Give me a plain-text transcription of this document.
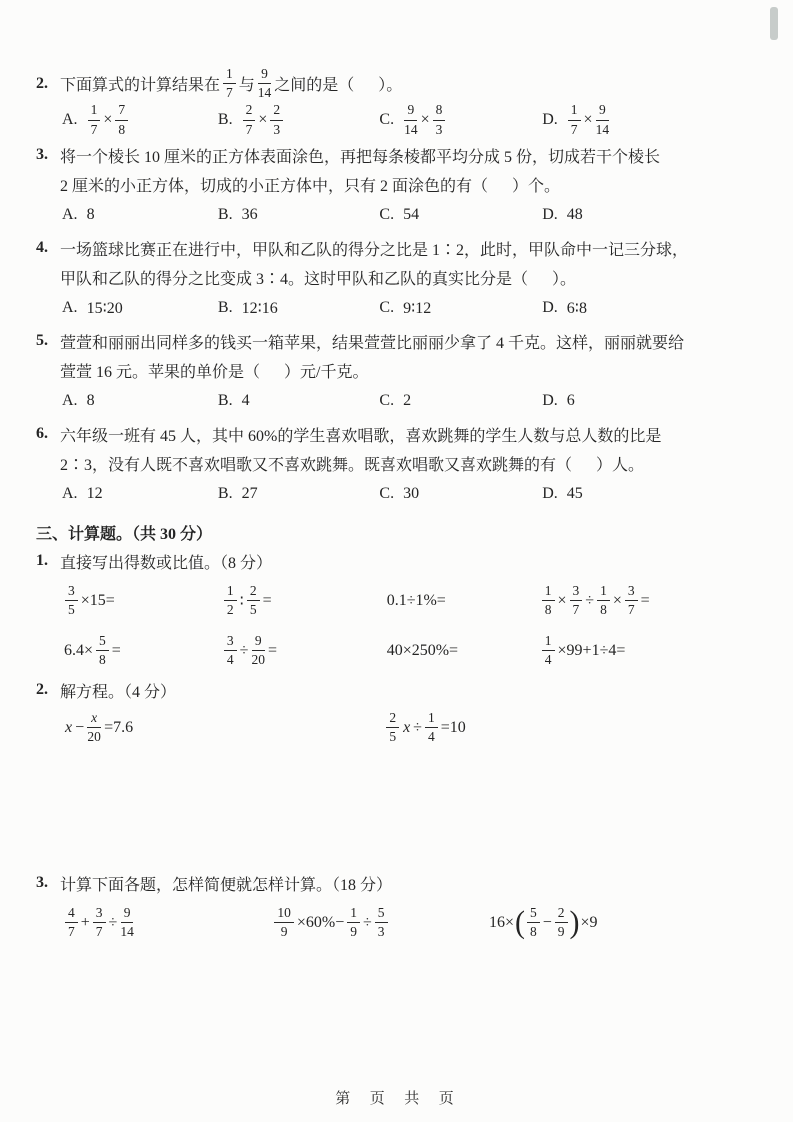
2. 下面算式的计算结果在 $\frac{1}{7}$ 与 $\frac{9}{14}$ 之间的是（      ）。
A. $\frac{1}{7} \times \frac{7}{8}$	B. $\frac{2}{7} \times \frac{2}{3}$	C. $\frac{9}{14} \times \frac{8}{3}$	D. $\frac{1}{7} \times \frac{9}{14}$
3. 将一个棱长 10 厘米的正方体表面涂色，再把每条棱都平均分成 5 份，切成若干个棱长
2 厘米的小正方体，切成的小正方体中，只有 2 面涂色的有（      ）个。
A. 8	B. 36	C. 54	D. 48
4. 一场篮球比赛正在进行中，甲队和乙队的得分之比是 1∶2，此时，甲队命中一记三分球，
甲队和乙队的得分之比变成 3∶4。这时甲队和乙队的真实比分是（      ）。
A. 15∶20	B. 12∶16	C. 9∶12	D. 6∶8
5. 萱萱和丽丽出同样多的钱买一箱苹果，结果萱萱比丽丽少拿了 4 千克。这样，丽丽就要给
萱萱 16 元。苹果的单价是（      ）元/千克。
A. 8	B. 4	C. 2	D. 6
6. 六年级一班有 45 人，其中 60%的学生喜欢唱歌，喜欢跳舞的学生人数与总人数的比是
2∶3，没有人既不喜欢唱歌又不喜欢跳舞。既喜欢唱歌又喜欢跳舞的有（      ）人。
A. 12	B. 27	C. 30	D. 45
三、计算题。（共 30 分）
1. 直接写出得数或比值。（8 分）
$\frac{3}{5} \times 15=$	$\frac{1}{2}$ ∶ $\frac{2}{5}$ =	0.1÷1%=	$\frac{1}{8} \times \frac{3}{7} \div \frac{1}{8} \times \frac{3}{7}$ =
$6.4\times \frac{5}{8}$ =	$\frac{3}{4} \div \frac{9}{20}$ =	40×250%=	$\frac{1}{4} \times 99+1\div 4=$
2. 解方程。（4 分）
$x - \frac{x}{20} =7.6$	$\frac{2}{5}$ $x \div \frac{1}{4} =10$
3. 计算下面各题，怎样简便就怎样计算。（18 分）
$\frac{4}{7} + \frac{3}{7} \div \frac{9}{14}$	$\frac{10}{9} \times 60\%- \frac{1}{9} \div \frac{5}{3}$	16× ( $\frac{5}{8} - \frac{2}{9}$ ) ×9
第  页  共  页
